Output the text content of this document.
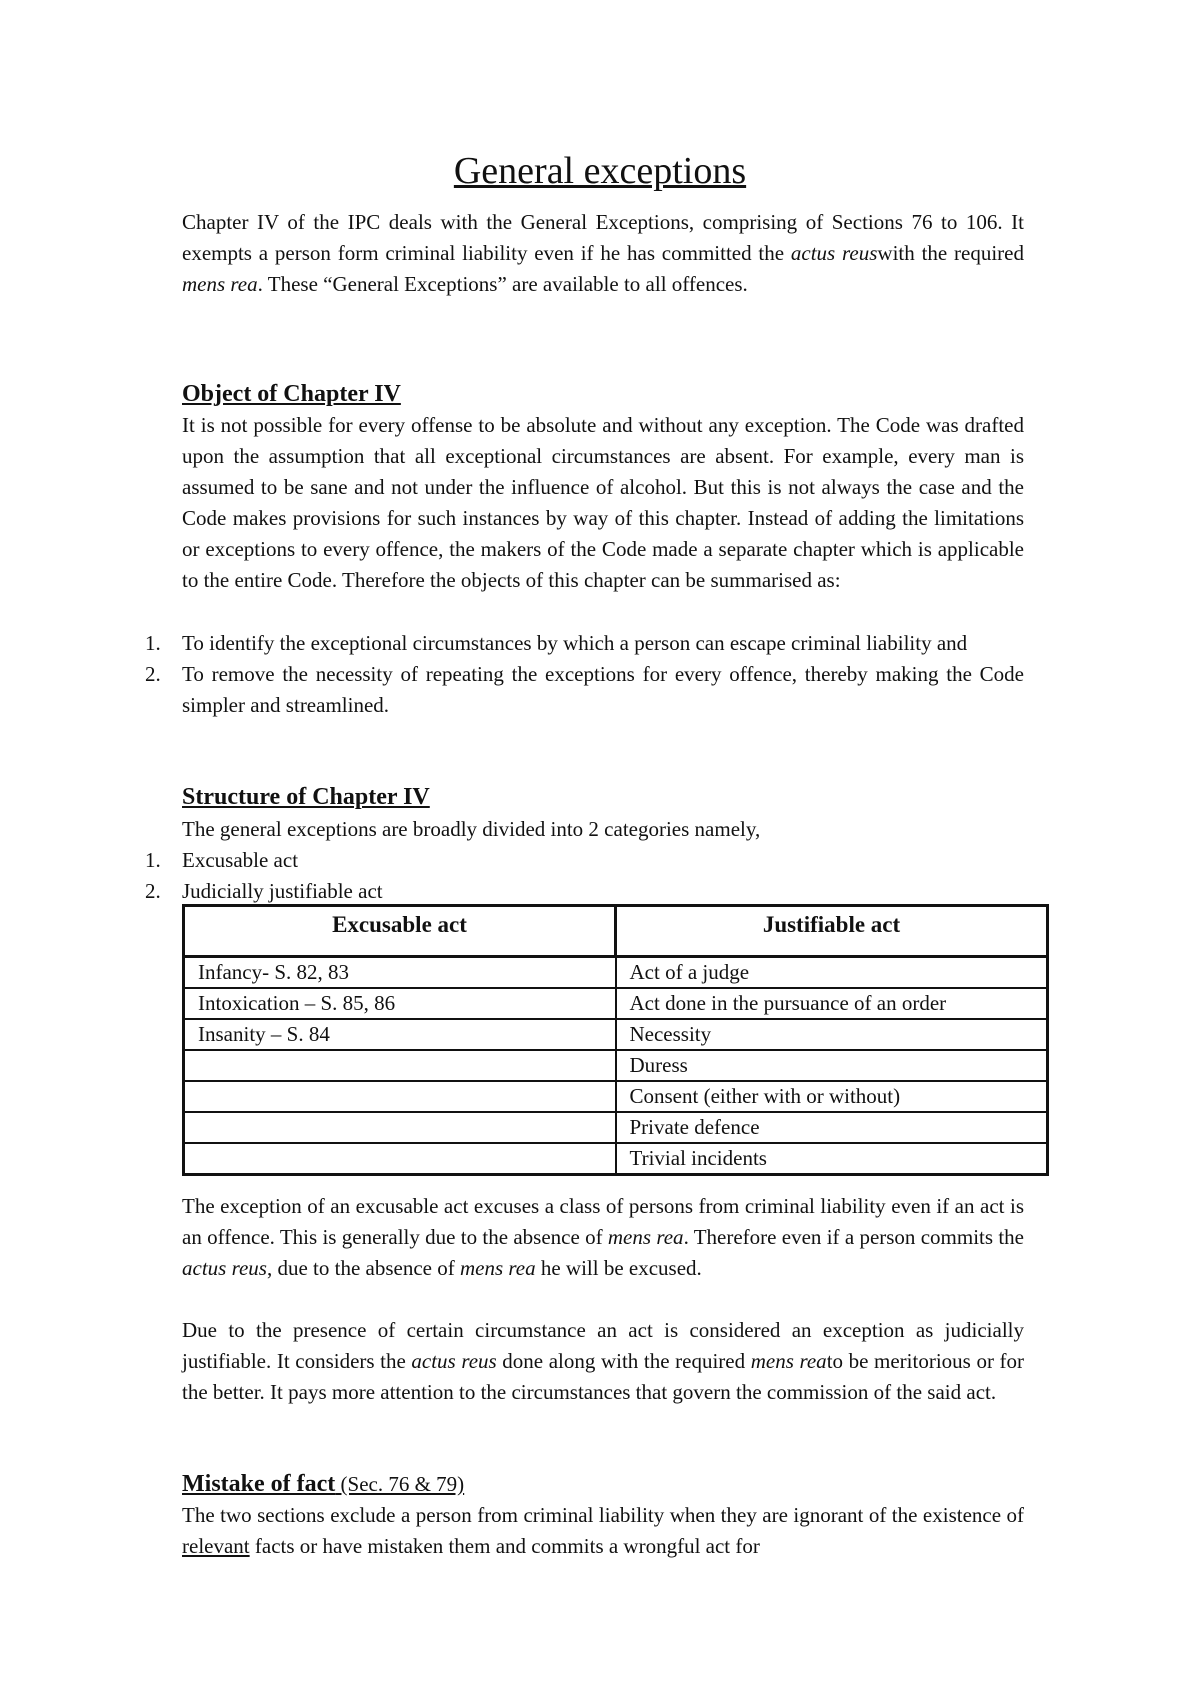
General exceptions

Chapter IV of the IPC deals with the General Exceptions, comprising of Sections 76 to 106. It exempts a person form criminal liability even if he has committed the actus reuswith the required mens rea. These “General Exceptions” are available to all offences.

Object of Chapter IV

It is not possible for every offense to be absolute and without any exception. The Code was drafted upon the assumption that all exceptional circumstances are absent. For example, every man is assumed to be sane and not under the influence of alcohol. But this is not always the case and the Code makes provisions for such instances by way of this chapter. Instead of adding the limitations or exceptions to every offence, the makers of the Code made a separate chapter which is applicable to the entire Code. Therefore the objects of this chapter can be summarised as:

1. To identify the exceptional circumstances by which a person can escape criminal liability and
2. To remove the necessity of repeating the exceptions for every offence, thereby making the Code simpler and streamlined.
Structure of Chapter IV

The general exceptions are broadly divided into 2 categories namely,

1. Excusable act
2. Judicially justifiable act
Excusable act	Justifiable act
Infancy- S. 82, 83	Act of a judge
Intoxication – S. 85, 86	Act done in the pursuance of an order
Insanity – S. 84	Necessity
	Duress
	Consent (either with or without)
	Private defence
	Trivial incidents

The exception of an excusable act excuses a class of persons from criminal liability even if an act is an offence. This is generally due to the absence of mens rea. Therefore even if a person commits the actus reus, due to the absence of mens rea he will be excused.

Due to the presence of certain circumstance an act is considered an exception as judicially justifiable. It considers the actus reus done along with the required mens reato be meritorious or for the better. It pays more attention to the circumstances that govern the commission of the said act.

Mistake of fact (Sec. 76 & 79)

The two sections exclude a person from criminal liability when they are ignorant of the existence of relevant facts or have mistaken them and commits a wrongful act for
